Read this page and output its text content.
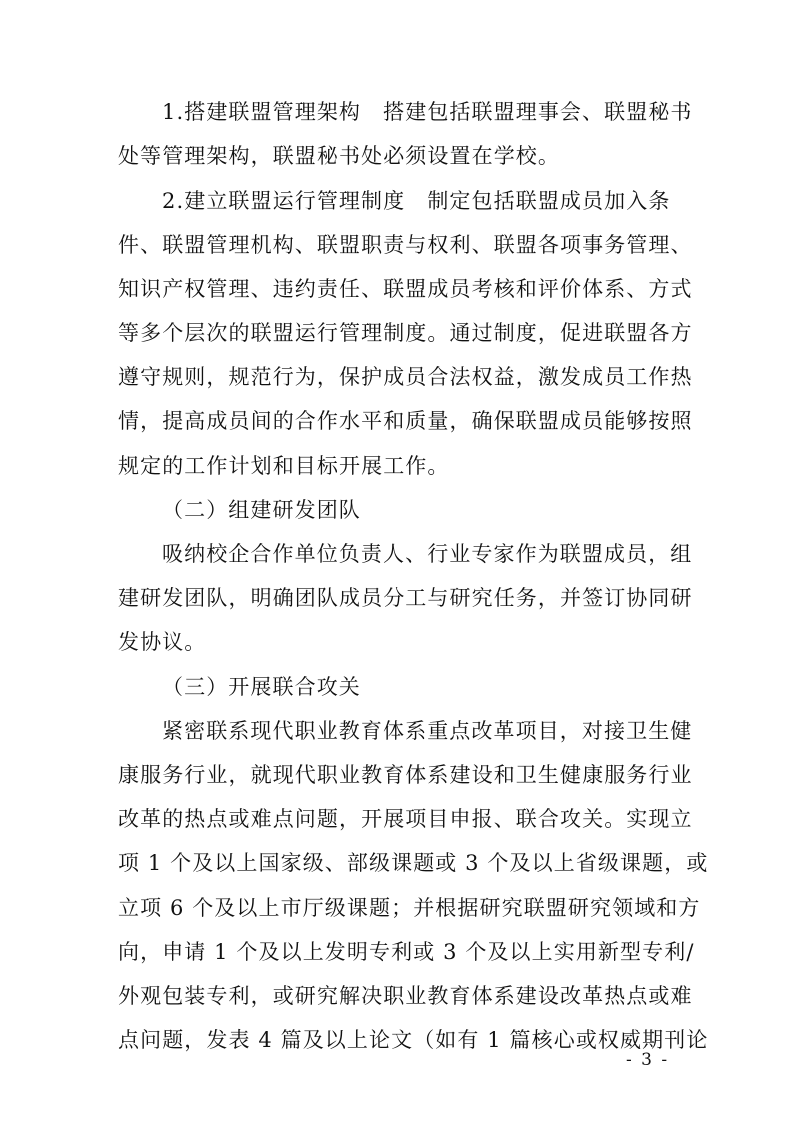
1.搭建联盟管理架构　搭建包括联盟理事会、联盟秘书
处等管理架构，联盟秘书处必须设置在学校。
2.建立联盟运行管理制度　制定包括联盟成员加入条
件、联盟管理机构、联盟职责与权利、联盟各项事务管理、
知识产权管理、违约责任、联盟成员考核和评价体系、方式
等多个层次的联盟运行管理制度。通过制度，促进联盟各方
遵守规则，规范行为，保护成员合法权益，激发成员工作热
情，提高成员间的合作水平和质量，确保联盟成员能够按照
规定的工作计划和目标开展工作。
（二）组建研发团队
吸纳校企合作单位负责人、行业专家作为联盟成员，组
建研发团队，明确团队成员分工与研究任务，并签订协同研
发协议。
（三）开展联合攻关
紧密联系现代职业教育体系重点改革项目，对接卫生健
康服务行业，就现代职业教育体系建设和卫生健康服务行业
改革的热点或难点问题，开展项目申报、联合攻关。实现立
项 1 个及以上国家级、部级课题或 3 个及以上省级课题，或
立项 6 个及以上市厅级课题；并根据研究联盟研究领域和方
向，申请 1 个及以上发明专利或 3 个及以上实用新型专利/
外观包装专利，或研究解决职业教育体系建设改革热点或难
点问题，发表 4 篇及以上论文（如有 1 篇核心或权威期刊论
- 3 -
